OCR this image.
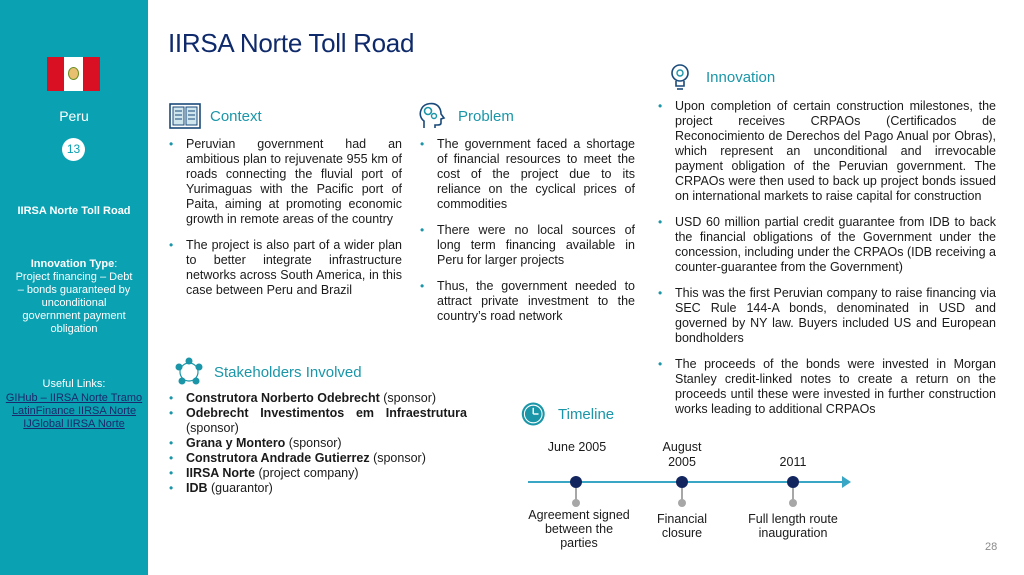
Peru
13
IIRSA Norte Toll Road
Innovation Type: Project financing – Debt – bonds guaranteed by unconditional government payment obligation
Useful Links:
GIHub – IIRSA Norte Tramo
LatinFinance IIRSA Norte
IJGlobal IIRSA Norte
IIRSA Norte Toll Road
Context
• Peruvian government had an ambitious plan to rejuvenate 955 km of roads connecting the fluvial port of Yurimaguas with the Pacific port of Paita, aiming at promoting economic growth in remote areas of the country
• The project is also part of a wider plan to better integrate infrastructure networks across South America, in this case between Peru and Brazil
Problem
• The government faced a shortage of financial resources to meet the cost of the project due to its reliance on the cyclical prices of commodities
• There were no local sources of long term financing available in Peru for larger projects
• Thus, the government needed to attract private investment to the country’s road network
Innovation
• Upon completion of certain construction milestones, the project receives CRPAOs (Certificados de Reconocimiento de Derechos del Pago Anual por Obras), which represent an unconditional and irrevocable payment obligation of the Peruvian government. The CRPAOs were then used to back up project bonds issued on international markets to raise capital for construction
• USD 60 million partial credit guarantee from IDB to back the financial obligations of the Government under the concession, including under the CRPAOs (IDB receiving a counter-guarantee from the Government)
• This was the first Peruvian company to raise financing via SEC Rule 144-A bonds, denominated in USD and governed by NY law. Buyers included US and European bondholders
• The proceeds of the bonds were invested in Morgan Stanley credit-linked notes to create a return on the proceeds until these were invested in further construction works leading to additional CRPAOs
Stakeholders Involved
• Construtora Norberto Odebrecht (sponsor)
• Odebrecht Investimentos em Infraestrutura (sponsor)
• Grana y Montero (sponsor)
• Construtora Andrade Gutierrez (sponsor)
• IIRSA Norte (project company)
• IDB (guarantor)
Timeline
June 2005
Agreement signed between the parties
August 2005
Financial closure
2011
Full length route inauguration
28
